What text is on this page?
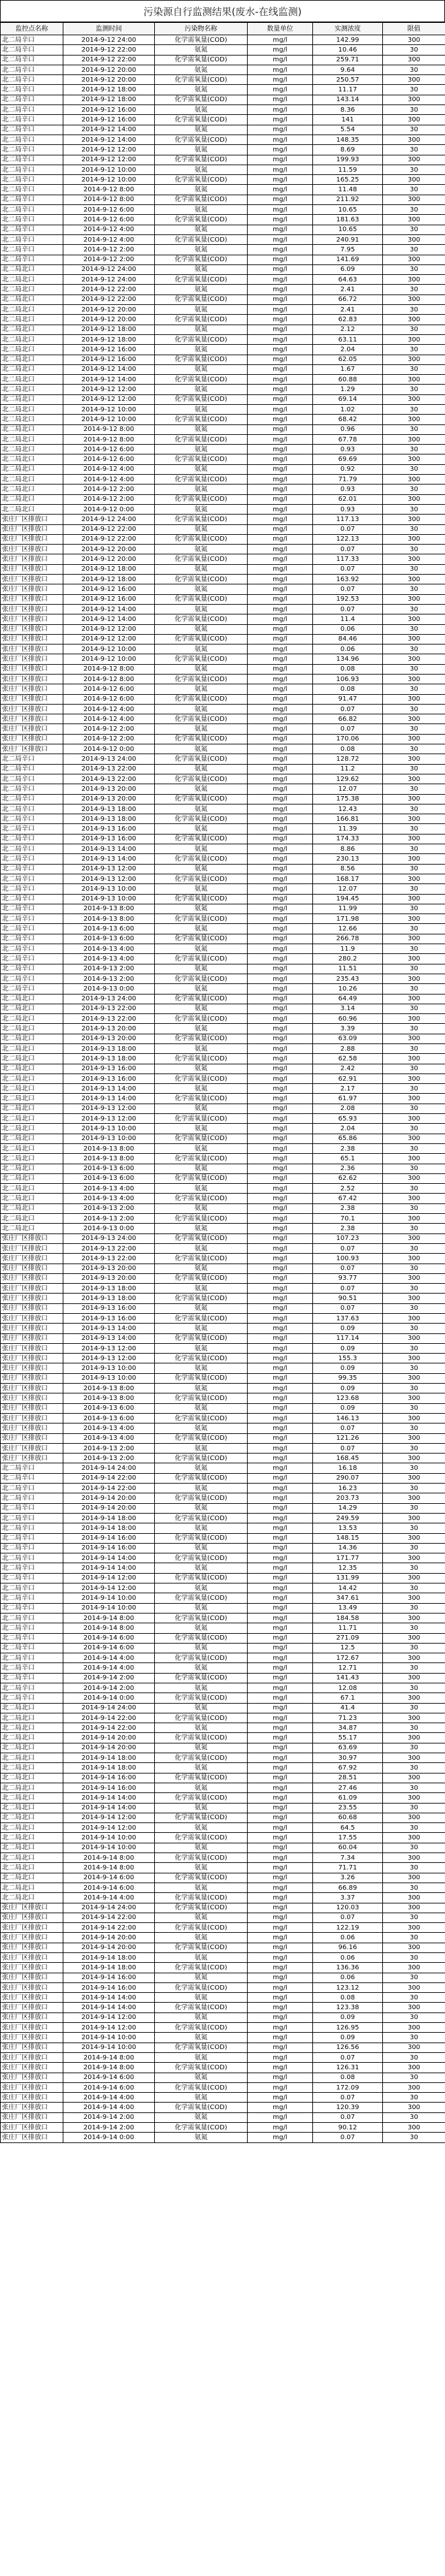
污染源自行监测结果(废水-在线监测)
监控点名称	监测时间	污染物名称	数量单位	实测浓度	限值
北二局辛口	2014-9-12 24:00	化学需氧量(COD)	mg/l	142.99	300
北二局辛口	2014-9-12 22:00	氨氮	mg/l	10.46	30
北二局辛口	2014-9-12 22:00	化学需氧量(COD)	mg/l	259.71	300
北二局辛口	2014-9-12 20:00	氨氮	mg/l	9.64	30
北二局辛口	2014-9-12 20:00	化学需氧量(COD)	mg/l	250.57	300
北二局辛口	2014-9-12 18:00	氨氮	mg/l	11.17	30
北二局辛口	2014-9-12 18:00	化学需氧量(COD)	mg/l	143.14	300
北二局辛口	2014-9-12 16:00	氨氮	mg/l	8.36	30
北二局辛口	2014-9-12 16:00	化学需氧量(COD)	mg/l	141	300
北二局辛口	2014-9-12 14:00	氨氮	mg/l	5.54	30
北二局辛口	2014-9-12 14:00	化学需氧量(COD)	mg/l	148.35	300
北二局辛口	2014-9-12 12:00	氨氮	mg/l	8.69	30
北二局辛口	2014-9-12 12:00	化学需氧量(COD)	mg/l	199.93	300
北二局辛口	2014-9-12 10:00	氨氮	mg/l	11.59	30
北二局辛口	2014-9-12 10:00	化学需氧量(COD)	mg/l	165.25	300
北二局辛口	2014-9-12 8:00	氨氮	mg/l	11.48	30
北二局辛口	2014-9-12 8:00	化学需氧量(COD)	mg/l	211.92	300
北二局辛口	2014-9-12 6:00	氨氮	mg/l	10.65	30
北二局辛口	2014-9-12 6:00	化学需氧量(COD)	mg/l	181.63	300
北二局辛口	2014-9-12 4:00	氨氮	mg/l	10.65	30
北二局辛口	2014-9-12 4:00	化学需氧量(COD)	mg/l	240.91	300
北二局辛口	2014-9-12 2:00	氨氮	mg/l	7.95	30
北二局辛口	2014-9-12 2:00	化学需氧量(COD)	mg/l	141.69	300
北二局北口	2014-9-12 24:00	氨氮	mg/l	6.09	30
北二局北口	2014-9-12 24:00	化学需氧量(COD)	mg/l	64.63	300
北二局北口	2014-9-12 22:00	氨氮	mg/l	2.41	30
北二局北口	2014-9-12 22:00	化学需氧量(COD)	mg/l	66.72	300
北二局北口	2014-9-12 20:00	氨氮	mg/l	2.41	30
北二局北口	2014-9-12 20:00	化学需氧量(COD)	mg/l	62.83	300
北二局北口	2014-9-12 18:00	氨氮	mg/l	2.12	30
北二局北口	2014-9-12 18:00	化学需氧量(COD)	mg/l	63.11	300
北二局北口	2014-9-12 16:00	氨氮	mg/l	2.04	30
北二局北口	2014-9-12 16:00	化学需氧量(COD)	mg/l	62.05	300
北二局北口	2014-9-12 14:00	氨氮	mg/l	1.67	30
北二局北口	2014-9-12 14:00	化学需氧量(COD)	mg/l	60.88	300
北二局北口	2014-9-12 12:00	氨氮	mg/l	1.29	30
北二局北口	2014-9-12 12:00	化学需氧量(COD)	mg/l	69.14	300
北二局北口	2014-9-12 10:00	氨氮	mg/l	1.02	30
北二局北口	2014-9-12 10:00	化学需氧量(COD)	mg/l	68.42	300
北二局北口	2014-9-12 8:00	氨氮	mg/l	0.96	30
北二局北口	2014-9-12 8:00	化学需氧量(COD)	mg/l	67.78	300
北二局北口	2014-9-12 6:00	氨氮	mg/l	0.93	30
北二局北口	2014-9-12 6:00	化学需氧量(COD)	mg/l	69.69	300
北二局北口	2014-9-12 4:00	氨氮	mg/l	0.92	30
北二局北口	2014-9-12 4:00	化学需氧量(COD)	mg/l	71.79	300
北二局北口	2014-9-12 2:00	氨氮	mg/l	0.93	30
北二局北口	2014-9-12 2:00	化学需氧量(COD)	mg/l	62.01	300
北二局北口	2014-9-12 0:00	氨氮	mg/l	0.93	30
张庄厂区排放口	2014-9-12 24:00	化学需氧量(COD)	mg/l	117.13	300
张庄厂区排放口	2014-9-12 22:00	氨氮	mg/l	0.07	30
张庄厂区排放口	2014-9-12 22:00	化学需氧量(COD)	mg/l	122.13	300
张庄厂区排放口	2014-9-12 20:00	氨氮	mg/l	0.07	30
张庄厂区排放口	2014-9-12 20:00	化学需氧量(COD)	mg/l	117.33	300
张庄厂区排放口	2014-9-12 18:00	氨氮	mg/l	0.07	30
张庄厂区排放口	2014-9-12 18:00	化学需氧量(COD)	mg/l	163.92	300
张庄厂区排放口	2014-9-12 16:00	氨氮	mg/l	0.07	30
张庄厂区排放口	2014-9-12 16:00	化学需氧量(COD)	mg/l	192.53	300
张庄厂区排放口	2014-9-12 14:00	氨氮	mg/l	0.07	30
张庄厂区排放口	2014-9-12 14:00	化学需氧量(COD)	mg/l	11.4	300
张庄厂区排放口	2014-9-12 12:00	氨氮	mg/l	0.06	30
张庄厂区排放口	2014-9-12 12:00	化学需氧量(COD)	mg/l	84.46	300
张庄厂区排放口	2014-9-12 10:00	氨氮	mg/l	0.06	30
张庄厂区排放口	2014-9-12 10:00	化学需氧量(COD)	mg/l	134.96	300
张庄厂区排放口	2014-9-12 8:00	氨氮	mg/l	0.08	30
张庄厂区排放口	2014-9-12 8:00	化学需氧量(COD)	mg/l	106.93	300
张庄厂区排放口	2014-9-12 6:00	氨氮	mg/l	0.08	30
张庄厂区排放口	2014-9-12 6:00	化学需氧量(COD)	mg/l	91.47	300
张庄厂区排放口	2014-9-12 4:00	氨氮	mg/l	0.07	30
张庄厂区排放口	2014-9-12 4:00	化学需氧量(COD)	mg/l	66.82	300
张庄厂区排放口	2014-9-12 2:00	氨氮	mg/l	0.07	30
张庄厂区排放口	2014-9-12 2:00	化学需氧量(COD)	mg/l	170.06	300
张庄厂区排放口	2014-9-12 0:00	氨氮	mg/l	0.08	30
北二局辛口	2014-9-13 24:00	化学需氧量(COD)	mg/l	128.72	300
北二局辛口	2014-9-13 22:00	氨氮	mg/l	11.2	30
北二局辛口	2014-9-13 22:00	化学需氧量(COD)	mg/l	129.62	300
北二局辛口	2014-9-13 20:00	氨氮	mg/l	12.07	30
北二局辛口	2014-9-13 20:00	化学需氧量(COD)	mg/l	175.38	300
北二局辛口	2014-9-13 18:00	氨氮	mg/l	12.43	30
北二局辛口	2014-9-13 18:00	化学需氧量(COD)	mg/l	166.81	300
北二局辛口	2014-9-13 16:00	氨氮	mg/l	11.39	30
北二局辛口	2014-9-13 16:00	化学需氧量(COD)	mg/l	174.33	300
北二局辛口	2014-9-13 14:00	氨氮	mg/l	8.86	30
北二局辛口	2014-9-13 14:00	化学需氧量(COD)	mg/l	230.13	300
北二局辛口	2014-9-13 12:00	氨氮	mg/l	8.56	30
北二局辛口	2014-9-13 12:00	化学需氧量(COD)	mg/l	168.17	300
北二局辛口	2014-9-13 10:00	氨氮	mg/l	12.07	30
北二局辛口	2014-9-13 10:00	化学需氧量(COD)	mg/l	194.45	300
北二局辛口	2014-9-13 8:00	氨氮	mg/l	11.99	30
北二局辛口	2014-9-13 8:00	化学需氧量(COD)	mg/l	171.98	300
北二局辛口	2014-9-13 6:00	氨氮	mg/l	12.66	30
北二局辛口	2014-9-13 6:00	化学需氧量(COD)	mg/l	266.78	300
北二局辛口	2014-9-13 4:00	氨氮	mg/l	11.9	30
北二局辛口	2014-9-13 4:00	化学需氧量(COD)	mg/l	280.2	300
北二局辛口	2014-9-13 2:00	氨氮	mg/l	11.51	30
北二局辛口	2014-9-13 2:00	化学需氧量(COD)	mg/l	235.43	300
北二局辛口	2014-9-13 0:00	氨氮	mg/l	10.26	30
北二局北口	2014-9-13 24:00	化学需氧量(COD)	mg/l	64.49	300
北二局北口	2014-9-13 22:00	氨氮	mg/l	3.14	30
北二局北口	2014-9-13 22:00	化学需氧量(COD)	mg/l	60.96	300
北二局北口	2014-9-13 20:00	氨氮	mg/l	3.39	30
北二局北口	2014-9-13 20:00	化学需氧量(COD)	mg/l	63.09	300
北二局北口	2014-9-13 18:00	氨氮	mg/l	2.88	30
北二局北口	2014-9-13 18:00	化学需氧量(COD)	mg/l	62.58	300
北二局北口	2014-9-13 16:00	氨氮	mg/l	2.42	30
北二局北口	2014-9-13 16:00	化学需氧量(COD)	mg/l	62.91	300
北二局北口	2014-9-13 14:00	氨氮	mg/l	2.17	30
北二局北口	2014-9-13 14:00	化学需氧量(COD)	mg/l	61.97	300
北二局北口	2014-9-13 12:00	氨氮	mg/l	2.08	30
北二局北口	2014-9-13 12:00	化学需氧量(COD)	mg/l	65.93	300
北二局北口	2014-9-13 10:00	氨氮	mg/l	2.04	30
北二局北口	2014-9-13 10:00	化学需氧量(COD)	mg/l	65.86	300
北二局北口	2014-9-13 8:00	氨氮	mg/l	2.38	30
北二局北口	2014-9-13 8:00	化学需氧量(COD)	mg/l	65.1	300
北二局北口	2014-9-13 6:00	氨氮	mg/l	2.36	30
北二局北口	2014-9-13 6:00	化学需氧量(COD)	mg/l	62.62	300
北二局北口	2014-9-13 4:00	氨氮	mg/l	2.52	30
北二局北口	2014-9-13 4:00	化学需氧量(COD)	mg/l	67.42	300
北二局北口	2014-9-13 2:00	氨氮	mg/l	2.38	30
北二局北口	2014-9-13 2:00	化学需氧量(COD)	mg/l	70.1	300
北二局北口	2014-9-13 0:00	氨氮	mg/l	2.38	30
张庄厂区排放口	2014-9-13 24:00	化学需氧量(COD)	mg/l	107.23	300
张庄厂区排放口	2014-9-13 22:00	氨氮	mg/l	0.07	30
张庄厂区排放口	2014-9-13 22:00	化学需氧量(COD)	mg/l	100.93	300
张庄厂区排放口	2014-9-13 20:00	氨氮	mg/l	0.07	30
张庄厂区排放口	2014-9-13 20:00	化学需氧量(COD)	mg/l	93.77	300
张庄厂区排放口	2014-9-13 18:00	氨氮	mg/l	0.07	30
张庄厂区排放口	2014-9-13 18:00	化学需氧量(COD)	mg/l	90.51	300
张庄厂区排放口	2014-9-13 16:00	氨氮	mg/l	0.07	30
张庄厂区排放口	2014-9-13 16:00	化学需氧量(COD)	mg/l	137.63	300
张庄厂区排放口	2014-9-13 14:00	氨氮	mg/l	0.09	30
张庄厂区排放口	2014-9-13 14:00	化学需氧量(COD)	mg/l	117.14	300
张庄厂区排放口	2014-9-13 12:00	氨氮	mg/l	0.09	30
张庄厂区排放口	2014-9-13 12:00	化学需氧量(COD)	mg/l	155.3	300
张庄厂区排放口	2014-9-13 10:00	氨氮	mg/l	0.09	30
张庄厂区排放口	2014-9-13 10:00	化学需氧量(COD)	mg/l	99.35	300
张庄厂区排放口	2014-9-13 8:00	氨氮	mg/l	0.09	30
张庄厂区排放口	2014-9-13 8:00	化学需氧量(COD)	mg/l	123.68	300
张庄厂区排放口	2014-9-13 6:00	氨氮	mg/l	0.09	30
张庄厂区排放口	2014-9-13 6:00	化学需氧量(COD)	mg/l	146.13	300
张庄厂区排放口	2014-9-13 4:00	氨氮	mg/l	0.07	30
张庄厂区排放口	2014-9-13 4:00	化学需氧量(COD)	mg/l	121.26	300
张庄厂区排放口	2014-9-13 2:00	氨氮	mg/l	0.07	30
张庄厂区排放口	2014-9-13 2:00	化学需氧量(COD)	mg/l	168.45	300
北二局辛口	2014-9-14 24:00	氨氮	mg/l	16.18	30
北二局辛口	2014-9-14 22:00	化学需氧量(COD)	mg/l	290.07	300
北二局辛口	2014-9-14 22:00	氨氮	mg/l	16.23	30
北二局辛口	2014-9-14 20:00	化学需氧量(COD)	mg/l	203.73	300
北二局辛口	2014-9-14 20:00	氨氮	mg/l	14.29	30
北二局辛口	2014-9-14 18:00	化学需氧量(COD)	mg/l	249.59	300
北二局辛口	2014-9-14 18:00	氨氮	mg/l	13.53	30
北二局辛口	2014-9-14 16:00	化学需氧量(COD)	mg/l	148.15	300
北二局辛口	2014-9-14 16:00	氨氮	mg/l	14.36	30
北二局辛口	2014-9-14 14:00	化学需氧量(COD)	mg/l	171.77	300
北二局辛口	2014-9-14 14:00	氨氮	mg/l	12.35	30
北二局辛口	2014-9-14 12:00	化学需氧量(COD)	mg/l	131.99	300
北二局辛口	2014-9-14 12:00	氨氮	mg/l	14.42	30
北二局辛口	2014-9-14 10:00	化学需氧量(COD)	mg/l	347.61	300
北二局辛口	2014-9-14 10:00	氨氮	mg/l	13.49	30
北二局辛口	2014-9-14 8:00	化学需氧量(COD)	mg/l	184.58	300
北二局辛口	2014-9-14 8:00	氨氮	mg/l	11.71	30
北二局辛口	2014-9-14 6:00	化学需氧量(COD)	mg/l	271.09	300
北二局辛口	2014-9-14 6:00	氨氮	mg/l	12.5	30
北二局辛口	2014-9-14 4:00	化学需氧量(COD)	mg/l	172.67	300
北二局辛口	2014-9-14 4:00	氨氮	mg/l	12.71	30
北二局辛口	2014-9-14 2:00	化学需氧量(COD)	mg/l	141.43	300
北二局辛口	2014-9-14 2:00	氨氮	mg/l	12.08	30
北二局辛口	2014-9-14 0:00	化学需氧量(COD)	mg/l	67.1	300
北二局北口	2014-9-14 24:00	氨氮	mg/l	41.4	30
北二局北口	2014-9-14 22:00	化学需氧量(COD)	mg/l	71.23	300
北二局北口	2014-9-14 22:00	氨氮	mg/l	34.87	30
北二局北口	2014-9-14 20:00	化学需氧量(COD)	mg/l	55.17	300
北二局北口	2014-9-14 20:00	氨氮	mg/l	63.69	30
北二局北口	2014-9-14 18:00	化学需氧量(COD)	mg/l	30.97	300
北二局北口	2014-9-14 18:00	氨氮	mg/l	67.92	30
北二局北口	2014-9-14 16:00	化学需氧量(COD)	mg/l	28.51	300
北二局北口	2014-9-14 16:00	氨氮	mg/l	27.46	30
北二局北口	2014-9-14 14:00	化学需氧量(COD)	mg/l	61.09	300
北二局北口	2014-9-14 14:00	氨氮	mg/l	23.55	30
北二局北口	2014-9-14 12:00	化学需氧量(COD)	mg/l	60.68	300
北二局北口	2014-9-14 12:00	氨氮	mg/l	64.5	30
北二局北口	2014-9-14 10:00	化学需氧量(COD)	mg/l	17.55	300
北二局北口	2014-9-14 10:00	氨氮	mg/l	60.04	30
北二局北口	2014-9-14 8:00	化学需氧量(COD)	mg/l	7.34	300
北二局北口	2014-9-14 8:00	氨氮	mg/l	71.71	30
北二局北口	2014-9-14 6:00	化学需氧量(COD)	mg/l	3.26	300
北二局北口	2014-9-14 6:00	氨氮	mg/l	66.89	30
北二局北口	2014-9-14 4:00	化学需氧量(COD)	mg/l	3.37	300
张庄厂区排放口	2014-9-14 24:00	化学需氧量(COD)	mg/l	120.03	300
张庄厂区排放口	2014-9-14 22:00	氨氮	mg/l	0.07	30
张庄厂区排放口	2014-9-14 22:00	化学需氧量(COD)	mg/l	122.19	300
张庄厂区排放口	2014-9-14 20:00	氨氮	mg/l	0.06	30
张庄厂区排放口	2014-9-14 20:00	化学需氧量(COD)	mg/l	96.16	300
张庄厂区排放口	2014-9-14 18:00	氨氮	mg/l	0.06	30
张庄厂区排放口	2014-9-14 18:00	化学需氧量(COD)	mg/l	136.36	300
张庄厂区排放口	2014-9-14 16:00	氨氮	mg/l	0.06	30
张庄厂区排放口	2014-9-14 16:00	化学需氧量(COD)	mg/l	123.12	300
张庄厂区排放口	2014-9-14 14:00	氨氮	mg/l	0.08	30
张庄厂区排放口	2014-9-14 14:00	化学需氧量(COD)	mg/l	123.38	300
张庄厂区排放口	2014-9-14 12:00	氨氮	mg/l	0.09	30
张庄厂区排放口	2014-9-14 12:00	化学需氧量(COD)	mg/l	126.95	300
张庄厂区排放口	2014-9-14 10:00	氨氮	mg/l	0.09	30
张庄厂区排放口	2014-9-14 10:00	化学需氧量(COD)	mg/l	126.56	300
张庄厂区排放口	2014-9-14 8:00	氨氮	mg/l	0.07	30
张庄厂区排放口	2014-9-14 8:00	化学需氧量(COD)	mg/l	126.31	300
张庄厂区排放口	2014-9-14 6:00	氨氮	mg/l	0.08	30
张庄厂区排放口	2014-9-14 6:00	化学需氧量(COD)	mg/l	172.09	300
张庄厂区排放口	2014-9-14 4:00	氨氮	mg/l	0.07	30
张庄厂区排放口	2014-9-14 4:00	化学需氧量(COD)	mg/l	120.39	300
张庄厂区排放口	2014-9-14 2:00	氨氮	mg/l	0.07	30
张庄厂区排放口	2014-9-14 2:00	化学需氧量(COD)	mg/l	90.12	300
张庄厂区排放口	2014-9-14 0:00	氨氮	mg/l	0.07	30
